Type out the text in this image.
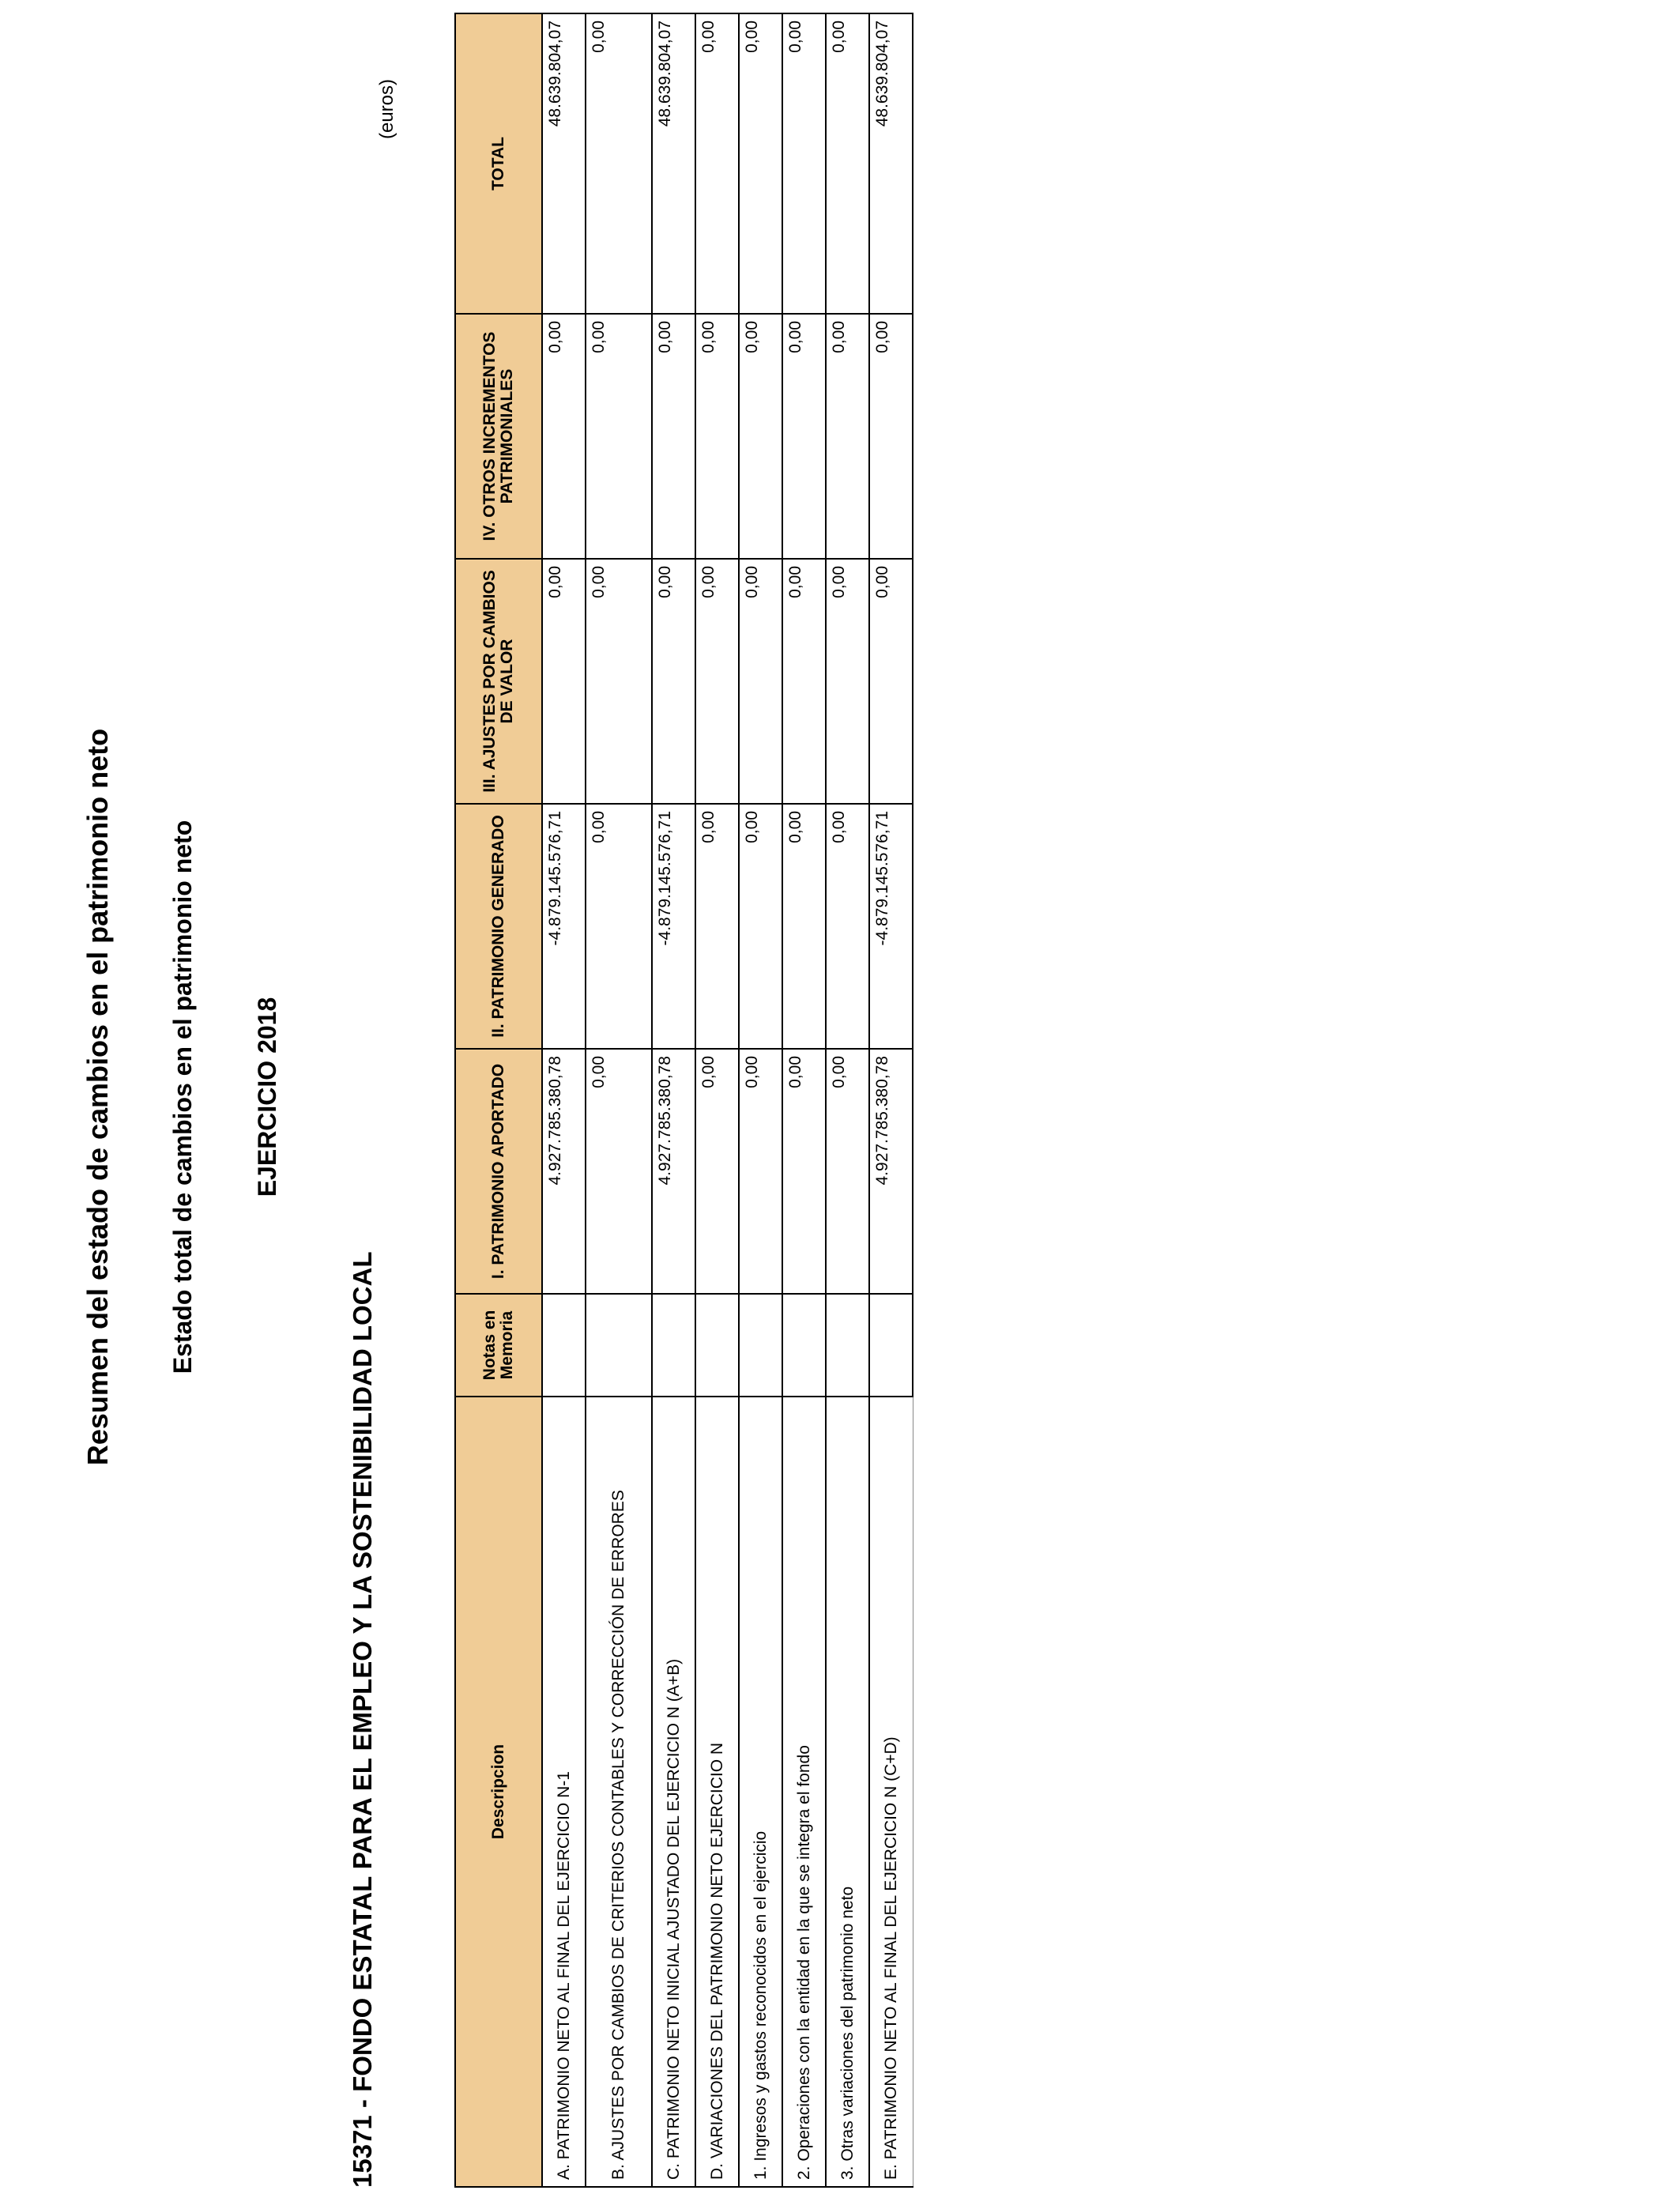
Resumen del estado de cambios en el patrimonio neto Estado total de cambios en el patrimonio neto EJERCICIO 2018
15371 - FONDO ESTATAL PARA EL EMPLEO Y LA SOSTENIBILIDAD LOCAL
(euros)
Descripcion	Notas en Memoria	I. PATRIMONIO APORTADO	II. PATRIMONIO GENERADO	III. AJUSTES POR CAMBIOS DE VALOR	IV. OTROS INCREMENTOS PATRIMONIALES	TOTAL
A. PATRIMONIO NETO AL FINAL DEL EJERCICIO N-1		4.927.785.380,78	-4.879.145.576,71	0,00	0,00	48.639.804,07
B. AJUSTES POR CAMBIOS DE CRITERIOS CONTABLES Y CORRECCIÓN DE ERRORES		0,00	0,00	0,00	0,00	0,00
C. PATRIMONIO NETO INICIAL AJUSTADO DEL EJERCICIO N (A+B)		4.927.785.380,78	-4.879.145.576,71	0,00	0,00	48.639.804,07
D. VARIACIONES DEL PATRIMONIO NETO EJERCICIO N		0,00	0,00	0,00	0,00	0,00
1. Ingresos y gastos reconocidos en el ejercicio		0,00	0,00	0,00	0,00	0,00
2. Operaciones con la entidad en la que se integra el fondo		0,00	0,00	0,00	0,00	0,00
3. Otras variaciones del patrimonio neto		0,00	0,00	0,00	0,00	0,00
E. PATRIMONIO NETO AL FINAL DEL EJERCICIO N (C+D)		4.927.785.380,78	-4.879.145.576,71	0,00	0,00	48.639.804,07
